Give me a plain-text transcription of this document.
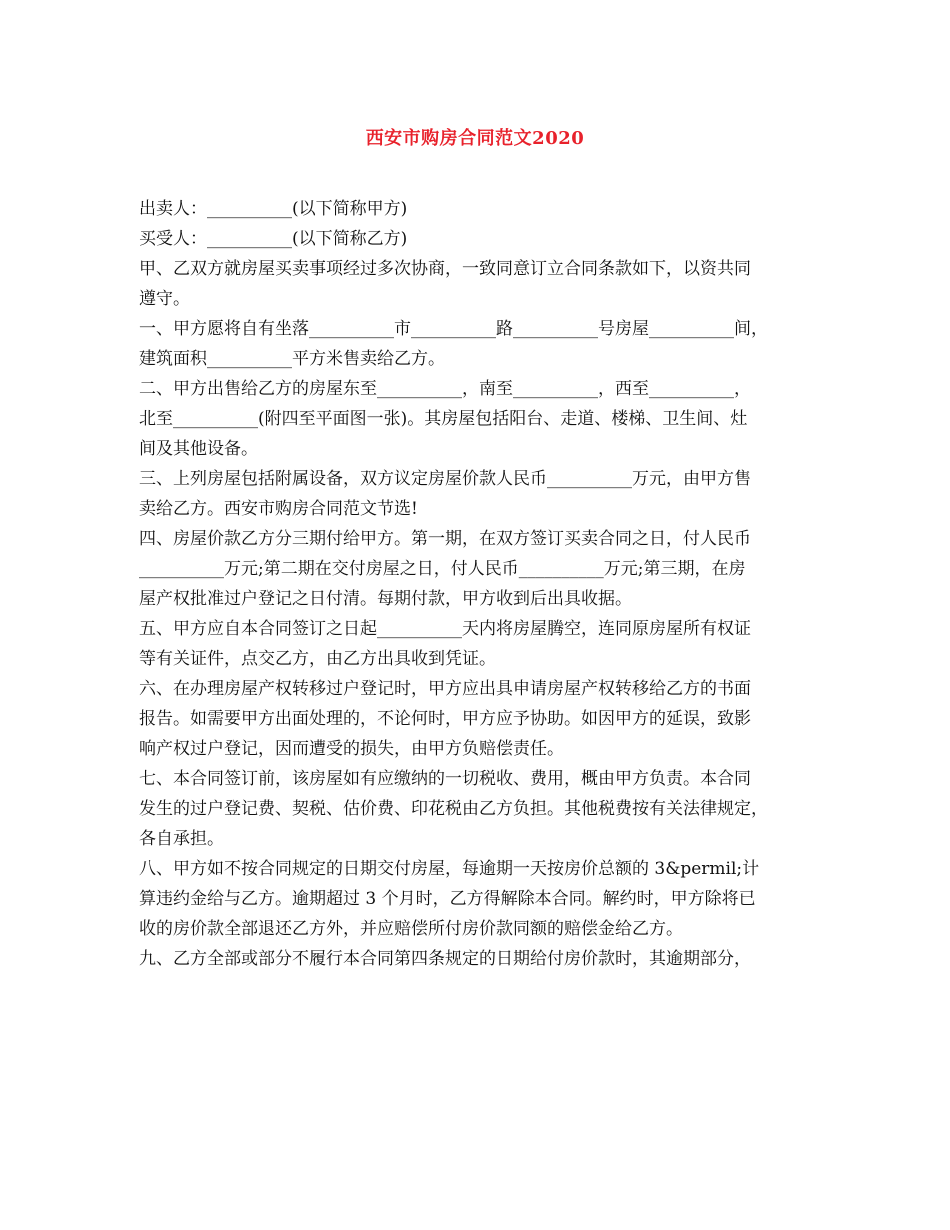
西安市购房合同范文2020
出卖人：__________(以下简称甲方)
买受人：__________(以下简称乙方)
甲、乙双方就房屋买卖事项经过多次协商，一致同意订立合同条款如下，以资共同
遵守。
一、甲方愿将自有坐落__________市__________路__________号房屋__________间，
建筑面积__________平方米售卖给乙方。
二、甲方出售给乙方的房屋东至__________，南至__________，西至__________，
北至__________(附四至平面图一张)。其房屋包括阳台、走道、楼梯、卫生间、灶
间及其他设备。
三、上列房屋包括附属设备，双方议定房屋价款人民币__________万元，由甲方售
卖给乙方。西安市购房合同范文节选!
四、房屋价款乙方分三期付给甲方。第一期，在双方签订买卖合同之日，付人民币
__________万元;第二期在交付房屋之日，付人民币__________万元;第三期，在房
屋产权批准过户登记之日付清。每期付款，甲方收到后出具收据。
五、甲方应自本合同签订之日起__________天内将房屋腾空，连同原房屋所有权证
等有关证件，点交乙方，由乙方出具收到凭证。
六、在办理房屋产权转移过户登记时，甲方应出具申请房屋产权转移给乙方的书面
报告。如需要甲方出面处理的，不论何时，甲方应予协助。如因甲方的延误，致影
响产权过户登记，因而遭受的损失，由甲方负赔偿责任。
七、本合同签订前，该房屋如有应缴纳的一切税收、费用，概由甲方负责。本合同
发生的过户登记费、契税、估价费、印花税由乙方负担。其他税费按有关法律规定，
各自承担。
八、甲方如不按合同规定的日期交付房屋，每逾期一天按房价总额的 3&permil;计
算违约金给与乙方。逾期超过 3 个月时，乙方得解除本合同。解约时，甲方除将已
收的房价款全部退还乙方外，并应赔偿所付房价款同额的赔偿金给乙方。
九、乙方全部或部分不履行本合同第四条规定的日期给付房价款时，其逾期部分，
